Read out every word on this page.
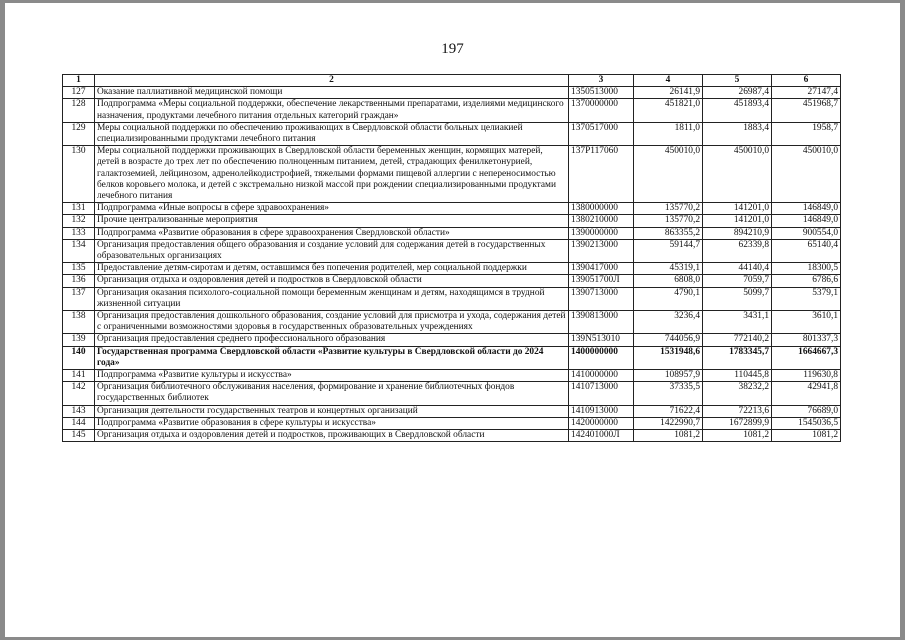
197
1	2	3	4	5	6
127	Оказание паллиативной медицинской помощи	1350513000	26141,9	26987,4	27147,4
128	Подпрограмма «Меры социальной поддержки, обеспечение лекарственными препаратами, изделиями медицинского назначения, продуктами лечебного питания отдельных категорий граждан»	1370000000	451821,0	451893,4	451968,7
129	Меры социальной поддержки по обеспечению проживающих в Свердловской области больных целиакией специализированными продуктами лечебного питания	1370517000	1811,0	1883,4	1958,7
130	Меры социальной поддержки проживающих в Свердловской области беременных женщин, кормящих матерей, детей в возрасте до трех лет по обеспечению полноценным питанием, детей, страдающих фенилкетонурией, галактоземией, лейцинозом, адренолейкодистрофией, тяжелыми формами пищевой аллергии с непереносимостью белков коровьего молока, и детей с экстремально низкой массой при рождении специализированными продуктами лечебного питания	137P117060	450010,0	450010,0	450010,0
131	Подпрограмма «Иные вопросы в сфере здравоохранения»	1380000000	135770,2	141201,0	146849,0
132	Прочие централизованные мероприятия	1380210000	135770,2	141201,0	146849,0
133	Подпрограмма «Развитие образования в сфере здравоохранения Свердловской области»	1390000000	863355,2	894210,9	900554,0
134	Организация предоставления общего образования и создание условий для содержания детей в государственных образовательных организациях	1390213000	59144,7	62339,8	65140,4
135	Предоставление детям-сиротам и детям, оставшимся без попечения родителей, мер социальной поддержки	1390417000	45319,1	44140,4	18300,5
136	Организация отдыха и оздоровления детей и подростков в Свердловской области	139051700Л	6808,0	7059,7	6786,6
137	Организация оказания психолого-социальной помощи беременным женщинам и детям, находящимся в трудной жизненной ситуации	1390713000	4790,1	5099,7	5379,1
138	Организация предоставления дошкольного образования, создание условий для присмотра и ухода, содержания детей с ограниченными возможностями здоровья в государственных образовательных учреждениях	1390813000	3236,4	3431,1	3610,1
139	Организация предоставления среднего профессионального образования	139N513010	744056,9	772140,2	801337,3
140	Государственная программа Свердловской области «Развитие культуры в Свердловской области до 2024 года»	1400000000	1531948,6	1783345,7	1664667,3
141	Подпрограмма «Развитие культуры и искусства»	1410000000	108957,9	110445,8	119630,8
142	Организация библиотечного обслуживания населения, формирование и хранение библиотечных фондов государственных библиотек	1410713000	37335,5	38232,2	42941,8
143	Организация деятельности государственных театров и концертных организаций	1410913000	71622,4	72213,6	76689,0
144	Подпрограмма «Развитие образования в сфере культуры и искусства»	1420000000	1422990,7	1672899,9	1545036,5
145	Организация отдыха и оздоровления детей и подростков, проживающих в Свердловской области	142401000Л	1081,2	1081,2	1081,2
